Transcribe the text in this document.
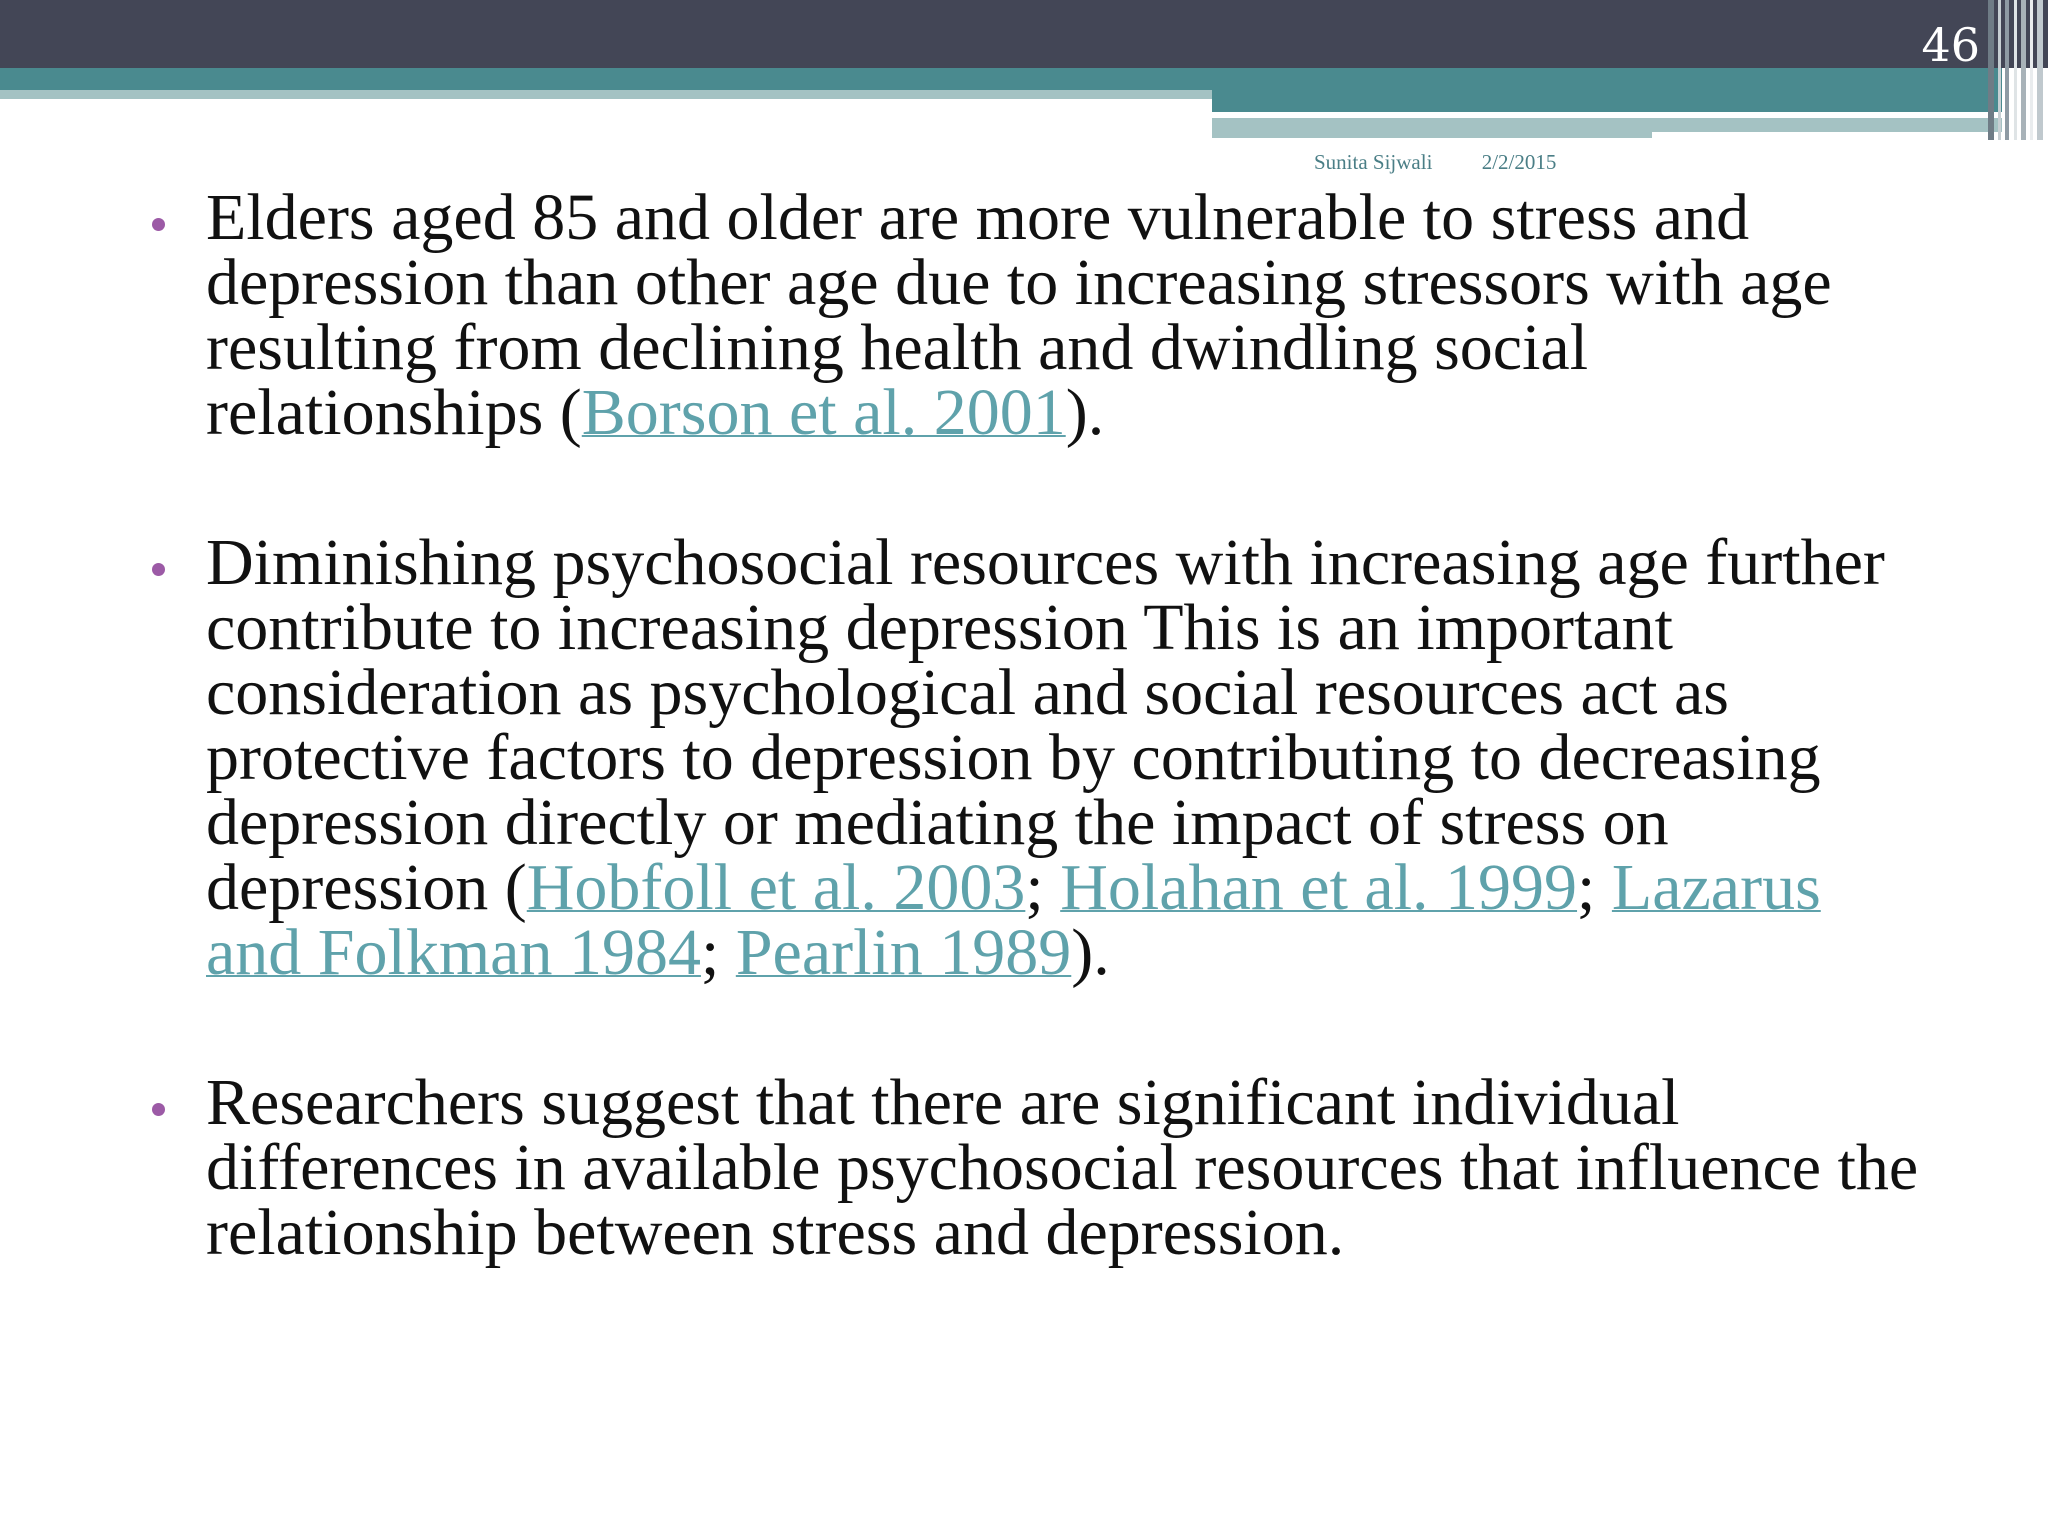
46
Sunita Sijwali 2/2/2015
Elders aged 85 and older are more vulnerable to stress and depression than other age due to increasing stressors with age resulting from declining health and dwindling social relationships (Borson et al. 2001).
Diminishing psychosocial resources with increasing age further contribute to increasing depression This is an important consideration as psychological and social resources act as protective factors to depression by contributing to decreasing depression directly or mediating the impact of stress on depression (Hobfoll et al. 2003; Holahan et al. 1999; Lazarus and Folkman 1984; Pearlin 1989).
Researchers suggest that there are significant individual differences in available psychosocial resources that influence the relationship between stress and depression.
